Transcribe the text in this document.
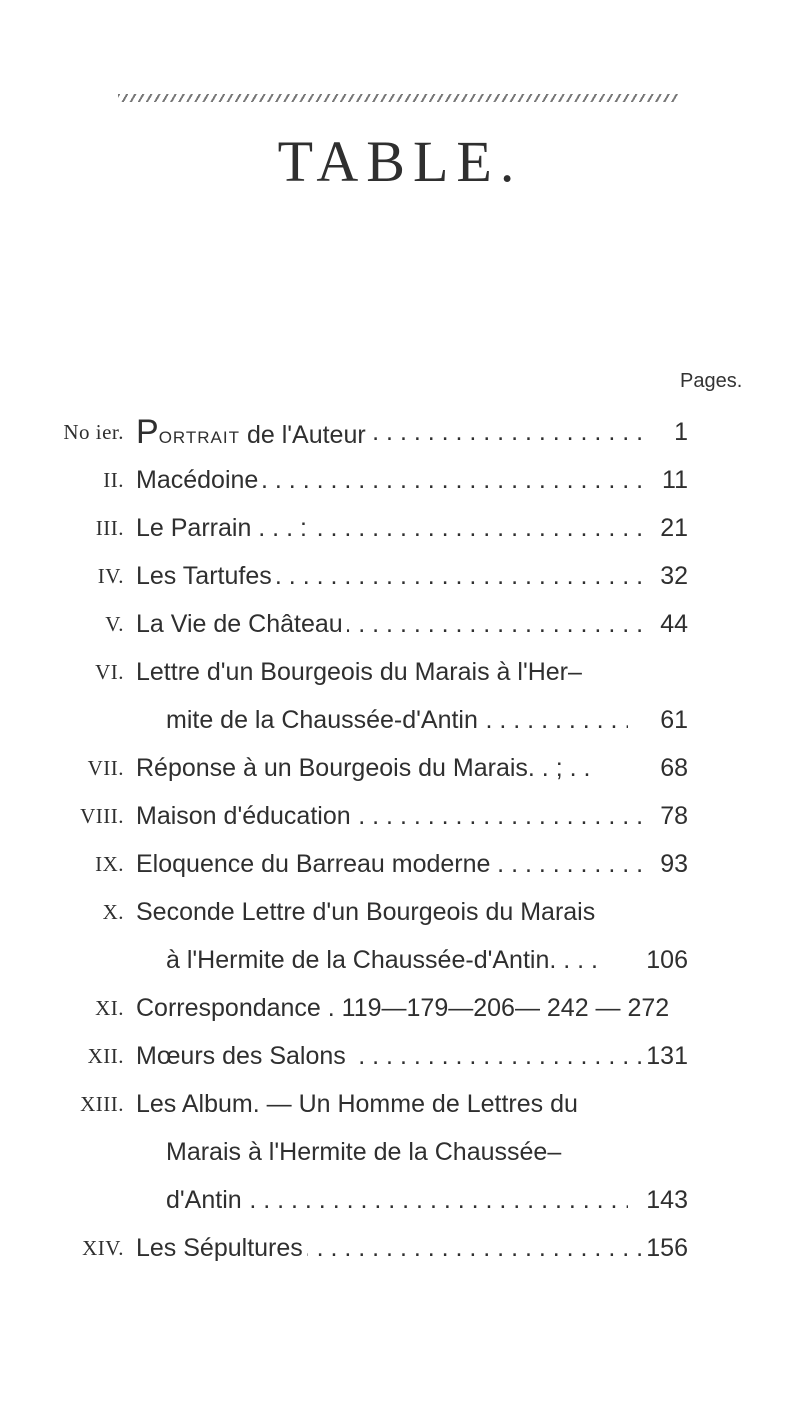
TABLE.
Pages.
No ier. PORTRAIT de l'Auteur . . .	1
II. Macédoine . . .	11
III. Le Parrain . . . : . . .	21
IV. Les Tartufes . . .	32
V. La Vie de Château . . .	44
VI. Lettre d'un Bourgeois du Marais à l'Her–
mite de la Chaussée-d'Antin . . .	61
VII. Réponse à un Bourgeois du Marais. . ; . .	68
VIII. Maison d'éducation . . .	78
IX. Eloquence du Barreau moderne . . .	93
X. Seconde Lettre d'un Bourgeois du Marais
à l'Hermite de la Chaussée-d'Antin. . . .	106
XI. Correspondance . 119—179—206— 242 — 272
XII. Mœurs des Salons . . .	131
XIII. Les Album. — Un Homme de Lettres du
Marais à l'Hermite de la Chaussée–
d'Antin . . .	143
XIV. Les Sépultures . . .	156
